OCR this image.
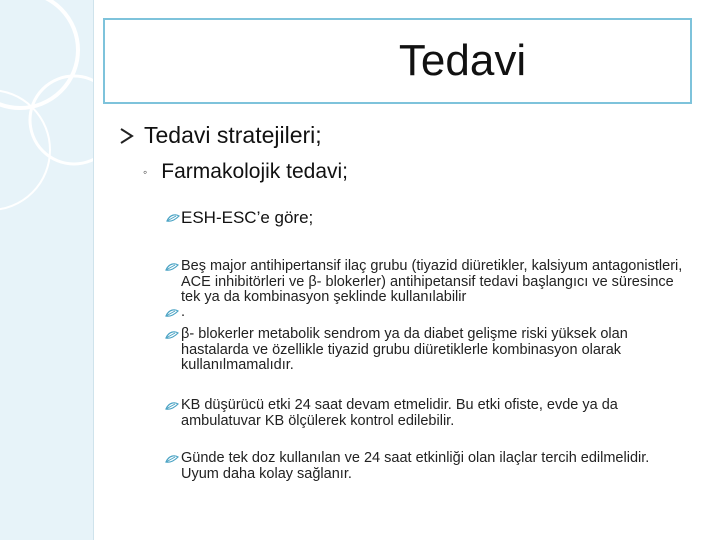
Tedavi
Tedavi stratejileri;
◦ Farmakolojik tedavi;
ESH-ESC’e göre;
Beş major antihipertansif ilaç grubu (tiyazid diüretikler, kalsiyum antagonistleri, ACE inhibitörleri ve β- blokerler) antihipetansif tedavi başlangıcı ve süresince tek ya da kombinasyon şeklinde kullanılabilir
.
β- blokerler metabolik sendrom ya da diabet gelişme riski yüksek olan hastalarda ve özellikle tiyazid grubu diüretiklerle kombinasyon olarak kullanılmamalıdır.
KB düşürücü etki 24 saat devam etmelidir. Bu etki ofiste, evde ya da ambulatuvar KB ölçülerek kontrol edilebilir.
Günde tek doz kullanılan ve 24 saat etkinliği olan ilaçlar tercih edilmelidir. Uyum daha kolay sağlanır.
